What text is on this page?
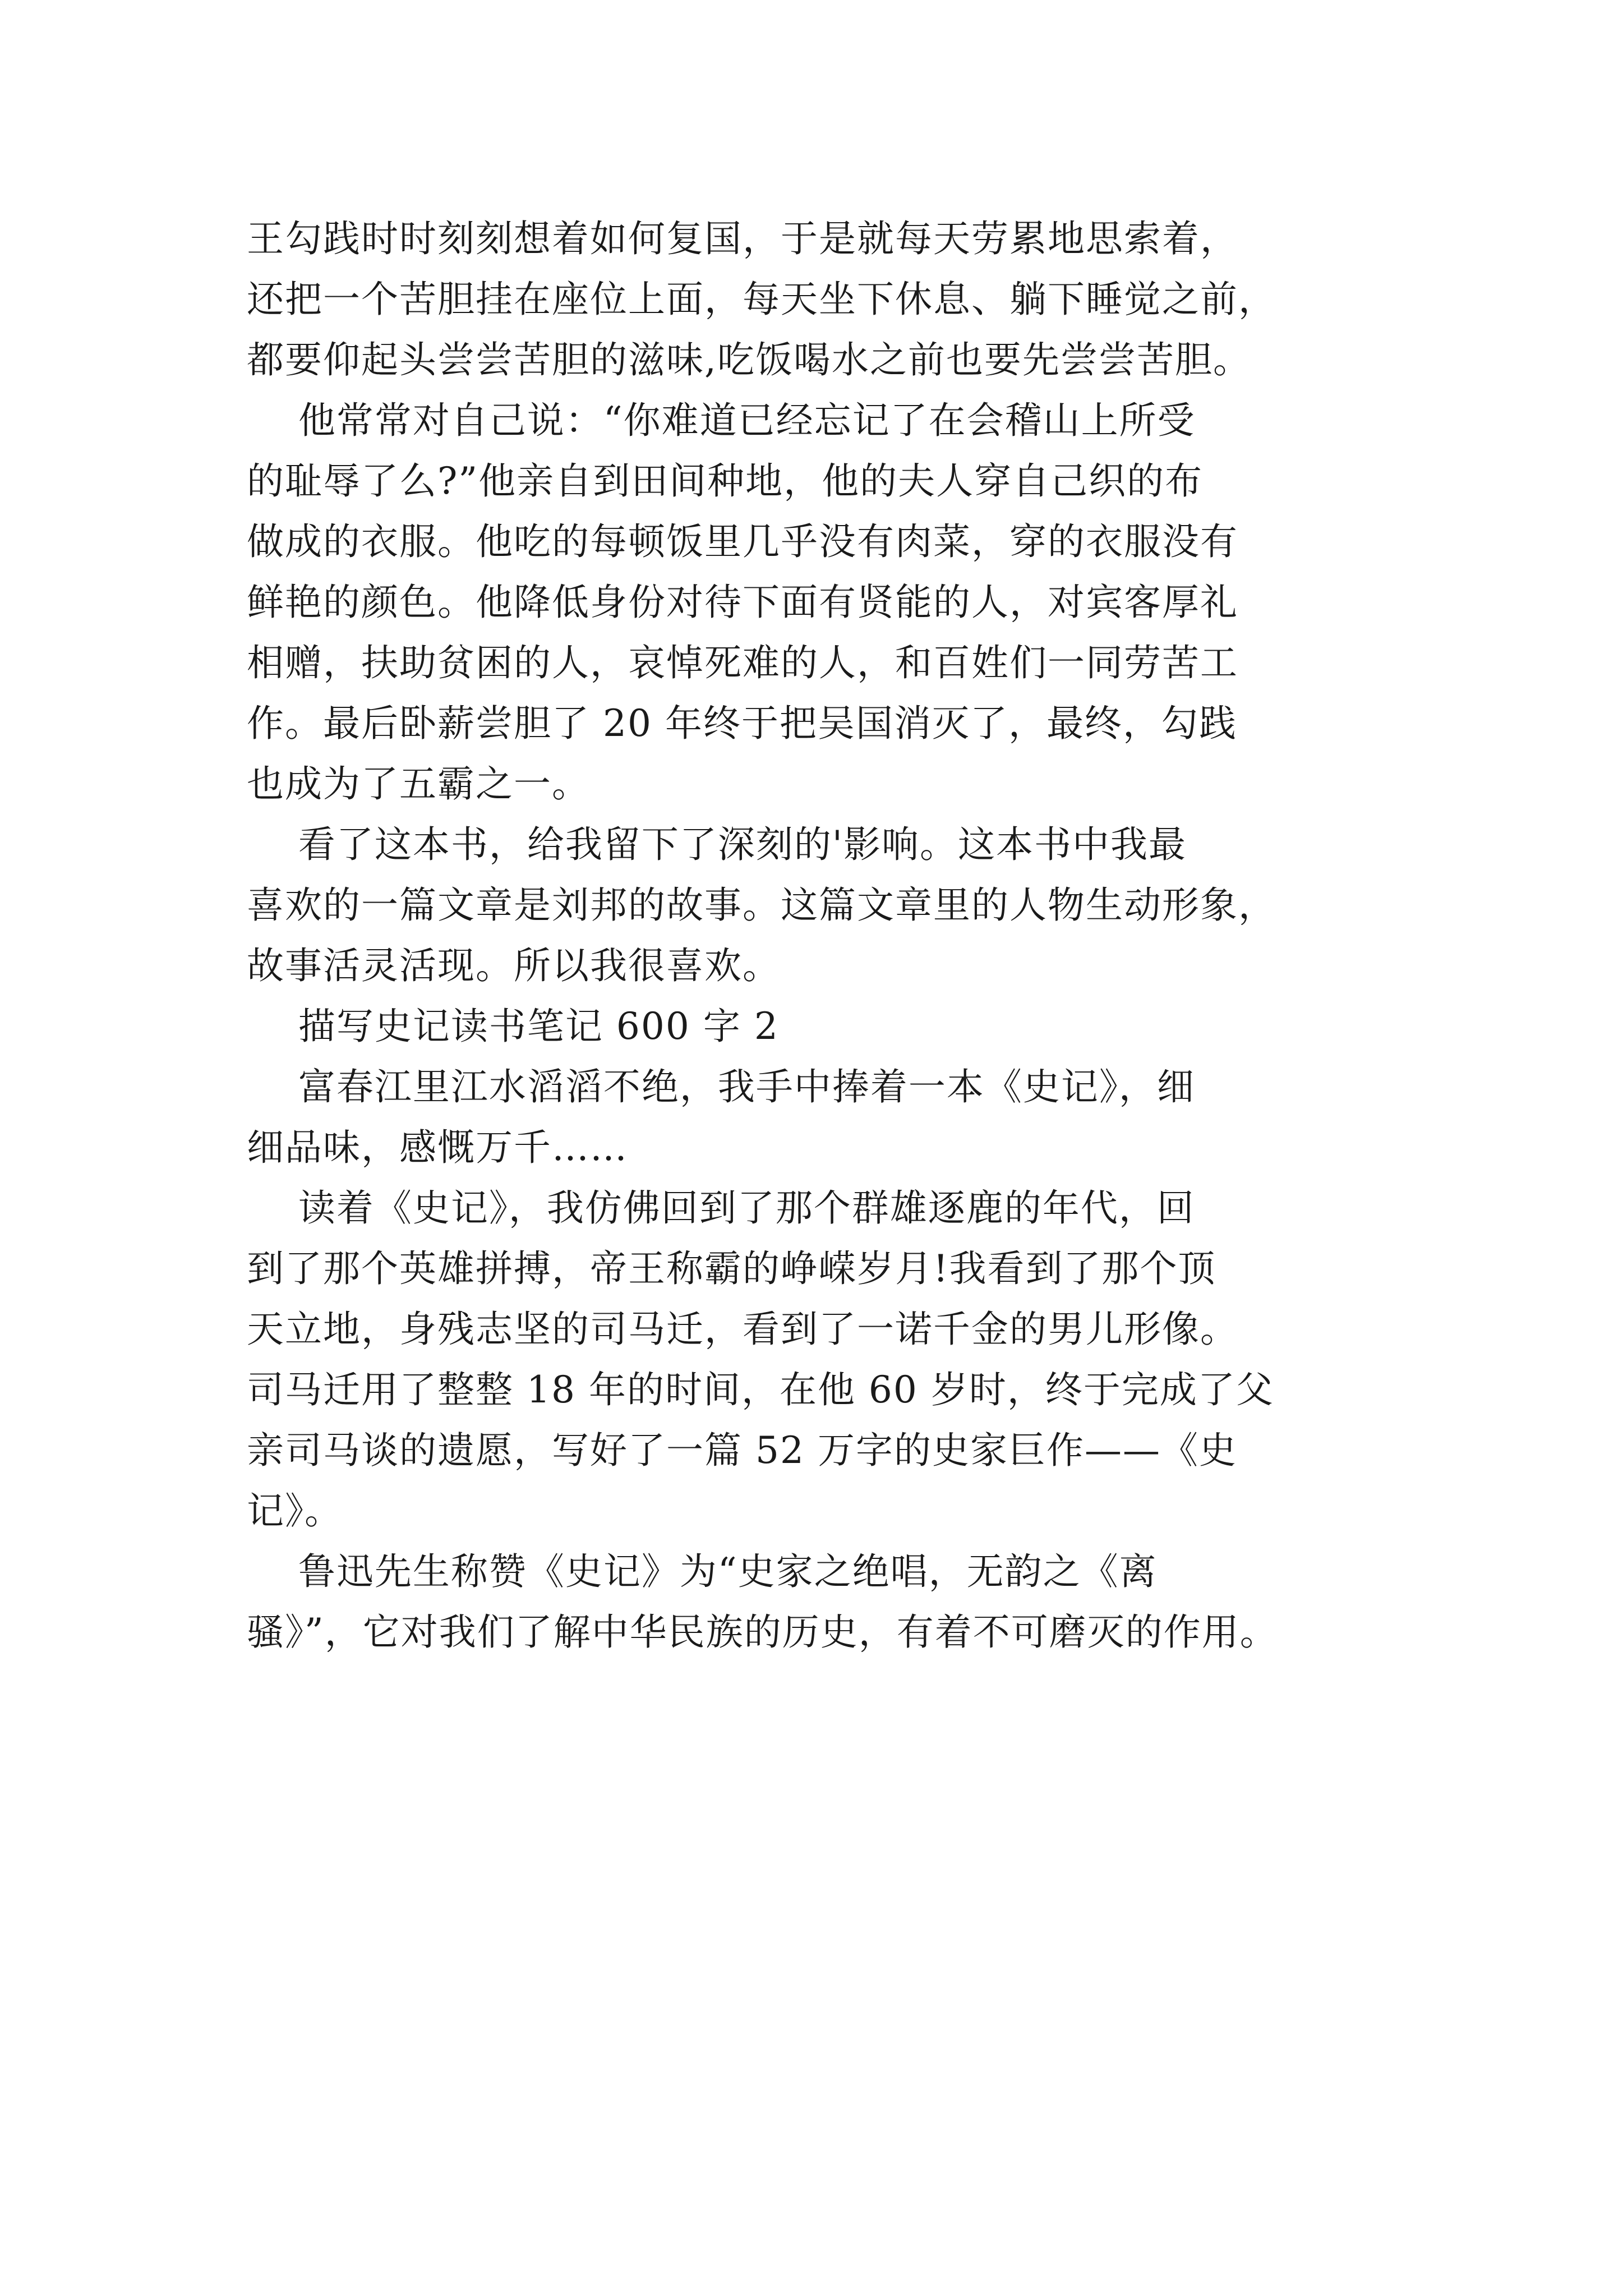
王勾践时时刻刻想着如何复国，于是就每天劳累地思索着，
还把一个苦胆挂在座位上面，每天坐下休息、躺下睡觉之前，
都要仰起头尝尝苦胆的滋味,吃饭喝水之前也要先尝尝苦胆。
他常常对自己说：“你难道已经忘记了在会稽山上所受
的耻辱了么?”他亲自到田间种地，他的夫人穿自己织的布
做成的衣服。他吃的每顿饭里几乎没有肉菜，穿的衣服没有
鲜艳的颜色。他降低身份对待下面有贤能的人，对宾客厚礼
相赠，扶助贫困的人，哀悼死难的人，和百姓们一同劳苦工
作。最后卧薪尝胆了 20 年终于把吴国消灭了，最终，勾践
也成为了五霸之一。
看了这本书，给我留下了深刻的'影响。这本书中我最
喜欢的一篇文章是刘邦的故事。这篇文章里的人物生动形象，
故事活灵活现。所以我很喜欢。
描写史记读书笔记 600 字 2
富春江里江水滔滔不绝，我手中捧着一本《史记》，细
细品味，感慨万千……
读着《史记》，我仿佛回到了那个群雄逐鹿的年代，回
到了那个英雄拼搏，帝王称霸的峥嵘岁月!我看到了那个顶
天立地，身残志坚的司马迁，看到了一诺千金的男儿形像。
司马迁用了整整 18 年的时间，在他 60 岁时，终于完成了父
亲司马谈的遗愿，写好了一篇 52 万字的史家巨作——《史
记》。
鲁迅先生称赞《史记》为“史家之绝唱，无韵之《离
骚》”，它对我们了解中华民族的历史，有着不可磨灭的作用。
